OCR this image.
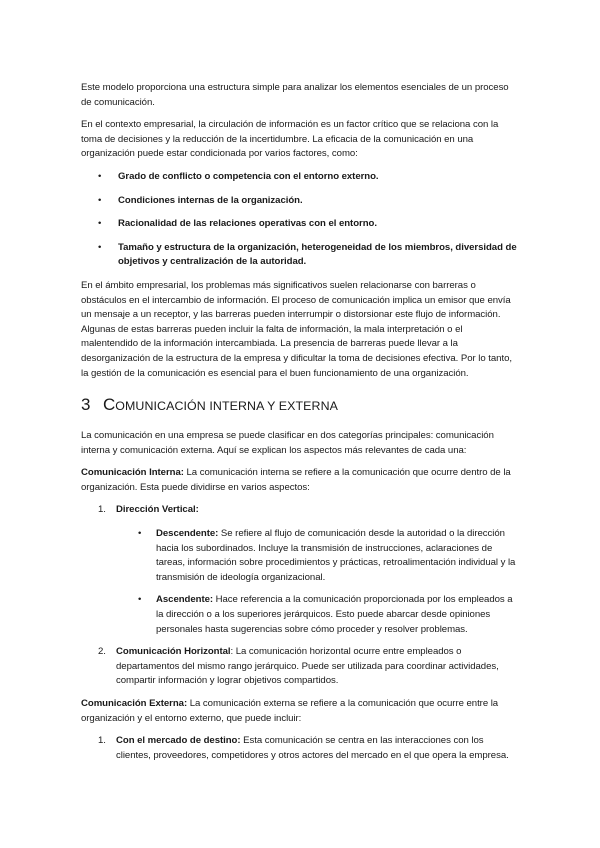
Este modelo proporciona una estructura simple para analizar los elementos esenciales de un proceso de comunicación.

En el contexto empresarial, la circulación de información es un factor crítico que se relaciona con la toma de decisiones y la reducción de la incertidumbre. La eficacia de la comunicación en una organización puede estar condicionada por varios factores, como:

• Grado de conflicto o competencia con el entorno externo.
• Condiciones internas de la organización.
• Racionalidad de las relaciones operativas con el entorno.
• Tamaño y estructura de la organización, heterogeneidad de los miembros, diversidad de objetivos y centralización de la autoridad.

En el ámbito empresarial, los problemas más significativos suelen relacionarse con barreras o obstáculos en el intercambio de información. El proceso de comunicación implica un emisor que envía un mensaje a un receptor, y las barreras pueden interrumpir o distorsionar este flujo de información. Algunas de estas barreras pueden incluir la falta de información, la mala interpretación o el malentendido de la información intercambiada. La presencia de barreras puede llevar a la desorganización de la estructura de la empresa y dificultar la toma de decisiones efectiva. Por lo tanto, la gestión de la comunicación es esencial para el buen funcionamiento de una organización.

3 COMUNICACIÓN INTERNA Y EXTERNA

La comunicación en una empresa se puede clasificar en dos categorías principales: comunicación interna y comunicación externa. Aquí se explican los aspectos más relevantes de cada una:

Comunicación Interna: La comunicación interna se refiere a la comunicación que ocurre dentro de la organización. Esta puede dividirse en varios aspectos:

1. Dirección Vertical:
• Descendente: Se refiere al flujo de comunicación desde la autoridad o la dirección hacia los subordinados. Incluye la transmisión de instrucciones, aclaraciones de tareas, información sobre procedimientos y prácticas, retroalimentación individual y la transmisión de ideología organizacional.
• Ascendente: Hace referencia a la comunicación proporcionada por los empleados a la dirección o a los superiores jerárquicos. Esto puede abarcar desde opiniones personales hasta sugerencias sobre cómo proceder y resolver problemas.
2. Comunicación Horizontal: La comunicación horizontal ocurre entre empleados o departamentos del mismo rango jerárquico. Puede ser utilizada para coordinar actividades, compartir información y lograr objetivos compartidos.

Comunicación Externa: La comunicación externa se refiere a la comunicación que ocurre entre la organización y el entorno externo, que puede incluir:

1. Con el mercado de destino: Esta comunicación se centra en las interacciones con los clientes, proveedores, competidores y otros actores del mercado en el que opera la empresa.
